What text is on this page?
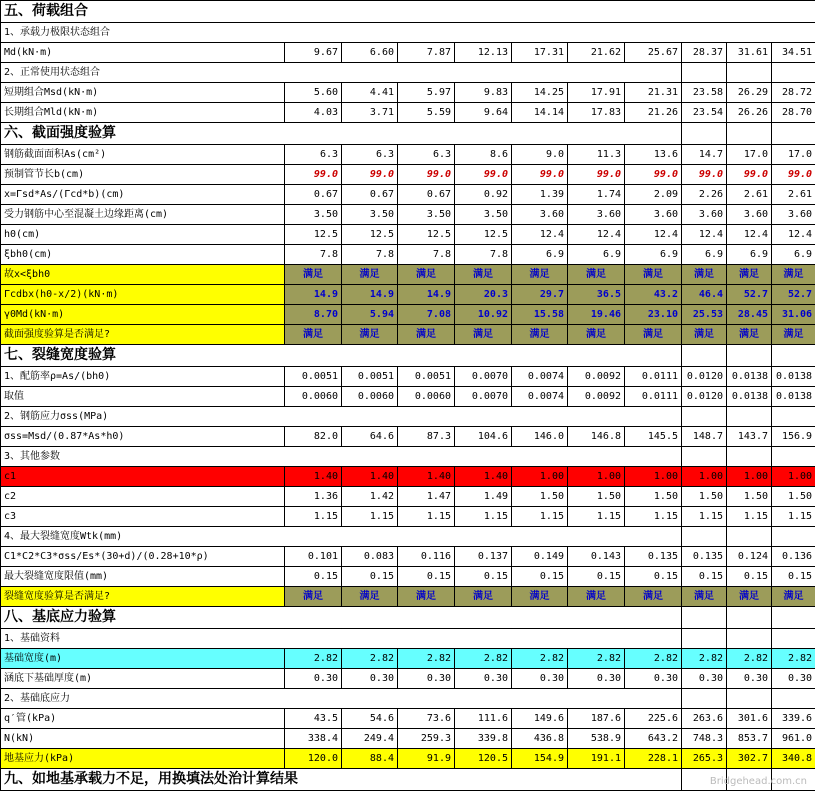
五、荷载组合										
1、承载力极限状态组合										
Md(kN·m)	9.67	6.60	7.87	12.13	17.31	21.62	25.67	28.37	31.61	34.51
2、正常使用状态组合										
短期组合Msd(kN·m)	5.60	4.41	5.97	9.83	14.25	17.91	21.31	23.58	26.29	28.72
长期组合Mld(kN·m)	4.03	3.71	5.59	9.64	14.14	17.83	21.26	23.54	26.26	28.70
六、截面强度验算										
钢筋截面面积As(cm²)	6.3	6.3	6.3	8.6	9.0	11.3	13.6	14.7	17.0	17.0
预制管节长b(cm)	99.0	99.0	99.0	99.0	99.0	99.0	99.0	99.0	99.0	99.0
x=Γsd*As/(Γcd*b)(cm)	0.67	0.67	0.67	0.92	1.39	1.74	2.09	2.26	2.61	2.61
受力钢筋中心至混凝土边缘距离(cm)	3.50	3.50	3.50	3.50	3.60	3.60	3.60	3.60	3.60	3.60
h0(cm)	12.5	12.5	12.5	12.5	12.4	12.4	12.4	12.4	12.4	12.4
ξbh0(cm)	7.8	7.8	7.8	7.8	6.9	6.9	6.9	6.9	6.9	6.9
故x<ξbh0	满足	满足	满足	满足	满足	满足	满足	满足	满足	满足
Γcdbx(h0-x/2)(kN·m)	14.9	14.9	14.9	20.3	29.7	36.5	43.2	46.4	52.7	52.7
γ0Md(kN·m)	8.70	5.94	7.08	10.92	15.58	19.46	23.10	25.53	28.45	31.06
截面强度验算是否满足?	满足	满足	满足	满足	满足	满足	满足	满足	满足	满足
七、裂缝宽度验算										
1、配筋率ρ=As/(bh0)	0.0051	0.0051	0.0051	0.0070	0.0074	0.0092	0.0111	0.0120	0.0138	0.0138
取值	0.0060	0.0060	0.0060	0.0070	0.0074	0.0092	0.0111	0.0120	0.0138	0.0138
2、钢筋应力σss(MPa)										
σss=Msd/(0.87*As*h0)	82.0	64.6	87.3	104.6	146.0	146.8	145.5	148.7	143.7	156.9
3、其他参数										
c1	1.40	1.40	1.40	1.40	1.00	1.00	1.00	1.00	1.00	1.00
c2	1.36	1.42	1.47	1.49	1.50	1.50	1.50	1.50	1.50	1.50
c3	1.15	1.15	1.15	1.15	1.15	1.15	1.15	1.15	1.15	1.15
4、最大裂缝宽度Wtk(mm)										
C1*C2*C3*σss/Es*(30+d)/(0.28+10*ρ)	0.101	0.083	0.116	0.137	0.149	0.143	0.135	0.135	0.124	0.136
最大裂缝宽度限值(mm)	0.15	0.15	0.15	0.15	0.15	0.15	0.15	0.15	0.15	0.15
裂缝宽度验算是否满足?	满足	满足	满足	满足	满足	满足	满足	满足	满足	满足
八、基底应力验算										
1、基础资料										
基础宽度(m)	2.82	2.82	2.82	2.82	2.82	2.82	2.82	2.82	2.82	2.82
涵底下基础厚度(m)	0.30	0.30	0.30	0.30	0.30	0.30	0.30	0.30	0.30	0.30
2、基础底应力										
q′管(kPa)	43.5	54.6	73.6	111.6	149.6	187.6	225.6	263.6	301.6	339.6
N(kN)	338.4	249.4	259.3	339.8	436.8	538.9	643.2	748.3	853.7	961.0
地基应力(kPa)	120.0	88.4	91.9	120.5	154.9	191.1	228.1	265.3	302.7	340.8
九、如地基承载力不足，用换填法处治计算结果											Bridgehead.com.cn
